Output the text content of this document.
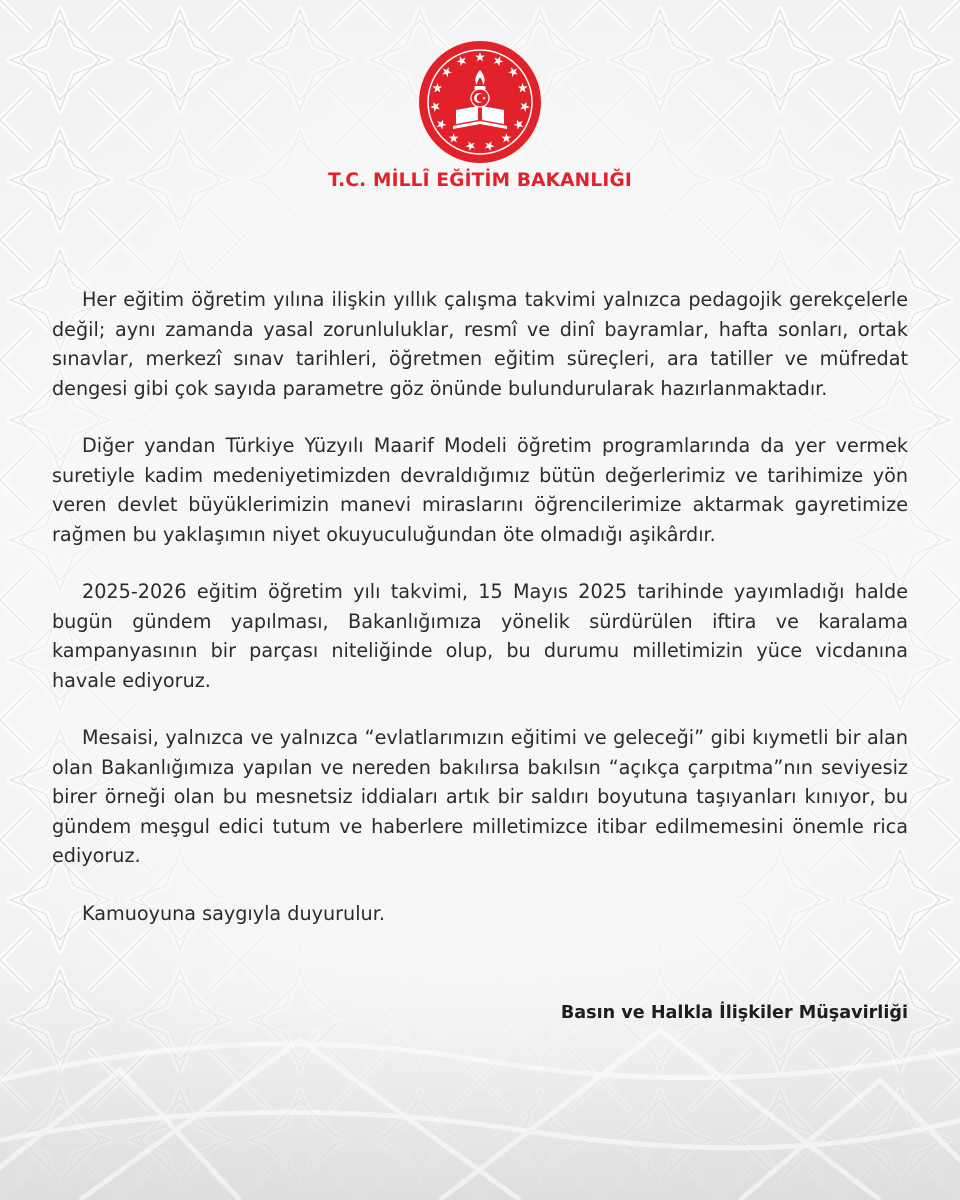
T.C. MİLLÎ EĞİTİM BAKANLIĞI

Her eğitim öğretim yılına ilişkin yıllık çalışma takvimi yalnızca pedagojik gerekçelerle değil; aynı zamanda yasal zorunluluklar, resmî ve dinî bayramlar, hafta sonları, ortak sınavlar, merkezî sınav tarihleri, öğretmen eğitim süreçleri, ara tatiller ve müfredat dengesi gibi çok sayıda parametre göz önünde bulundurularak hazırlanmaktadır.

Diğer yandan Türkiye Yüzyılı Maarif Modeli öğretim programlarında da yer vermek suretiyle kadim medeniyetimizden devraldığımız bütün değerlerimiz ve tarihimize yön veren devlet büyüklerimizin manevi miraslarını öğrencilerimize aktarmak gayretimize rağmen bu yaklaşımın niyet okuyuculuğundan öte olmadığı aşikârdır.

2025-2026 eğitim öğretim yılı takvimi, 15 Mayıs 2025 tarihinde yayımladığı halde bugün gündem yapılması, Bakanlığımıza yönelik sürdürülen iftira ve karalama kampanyasının bir parçası niteliğinde olup, bu durumu milletimizin yüce vicdanına havale ediyoruz.

Mesaisi, yalnızca ve yalnızca “evlatlarımızın eğitimi ve geleceği” gibi kıymetli bir alan olan Bakanlığımıza yapılan ve nereden bakılırsa bakılsın “açıkça çarpıtma”nın seviyesiz birer örneği olan bu mesnetsiz iddiaları artık bir saldırı boyutuna taşıyanları kınıyor, bu gündem meşgul edici tutum ve haberlere milletimizce itibar edilmemesini önemle rica ediyoruz.

Kamuoyuna saygıyla duyurulur.

Basın ve Halkla İlişkiler Müşavirliği
